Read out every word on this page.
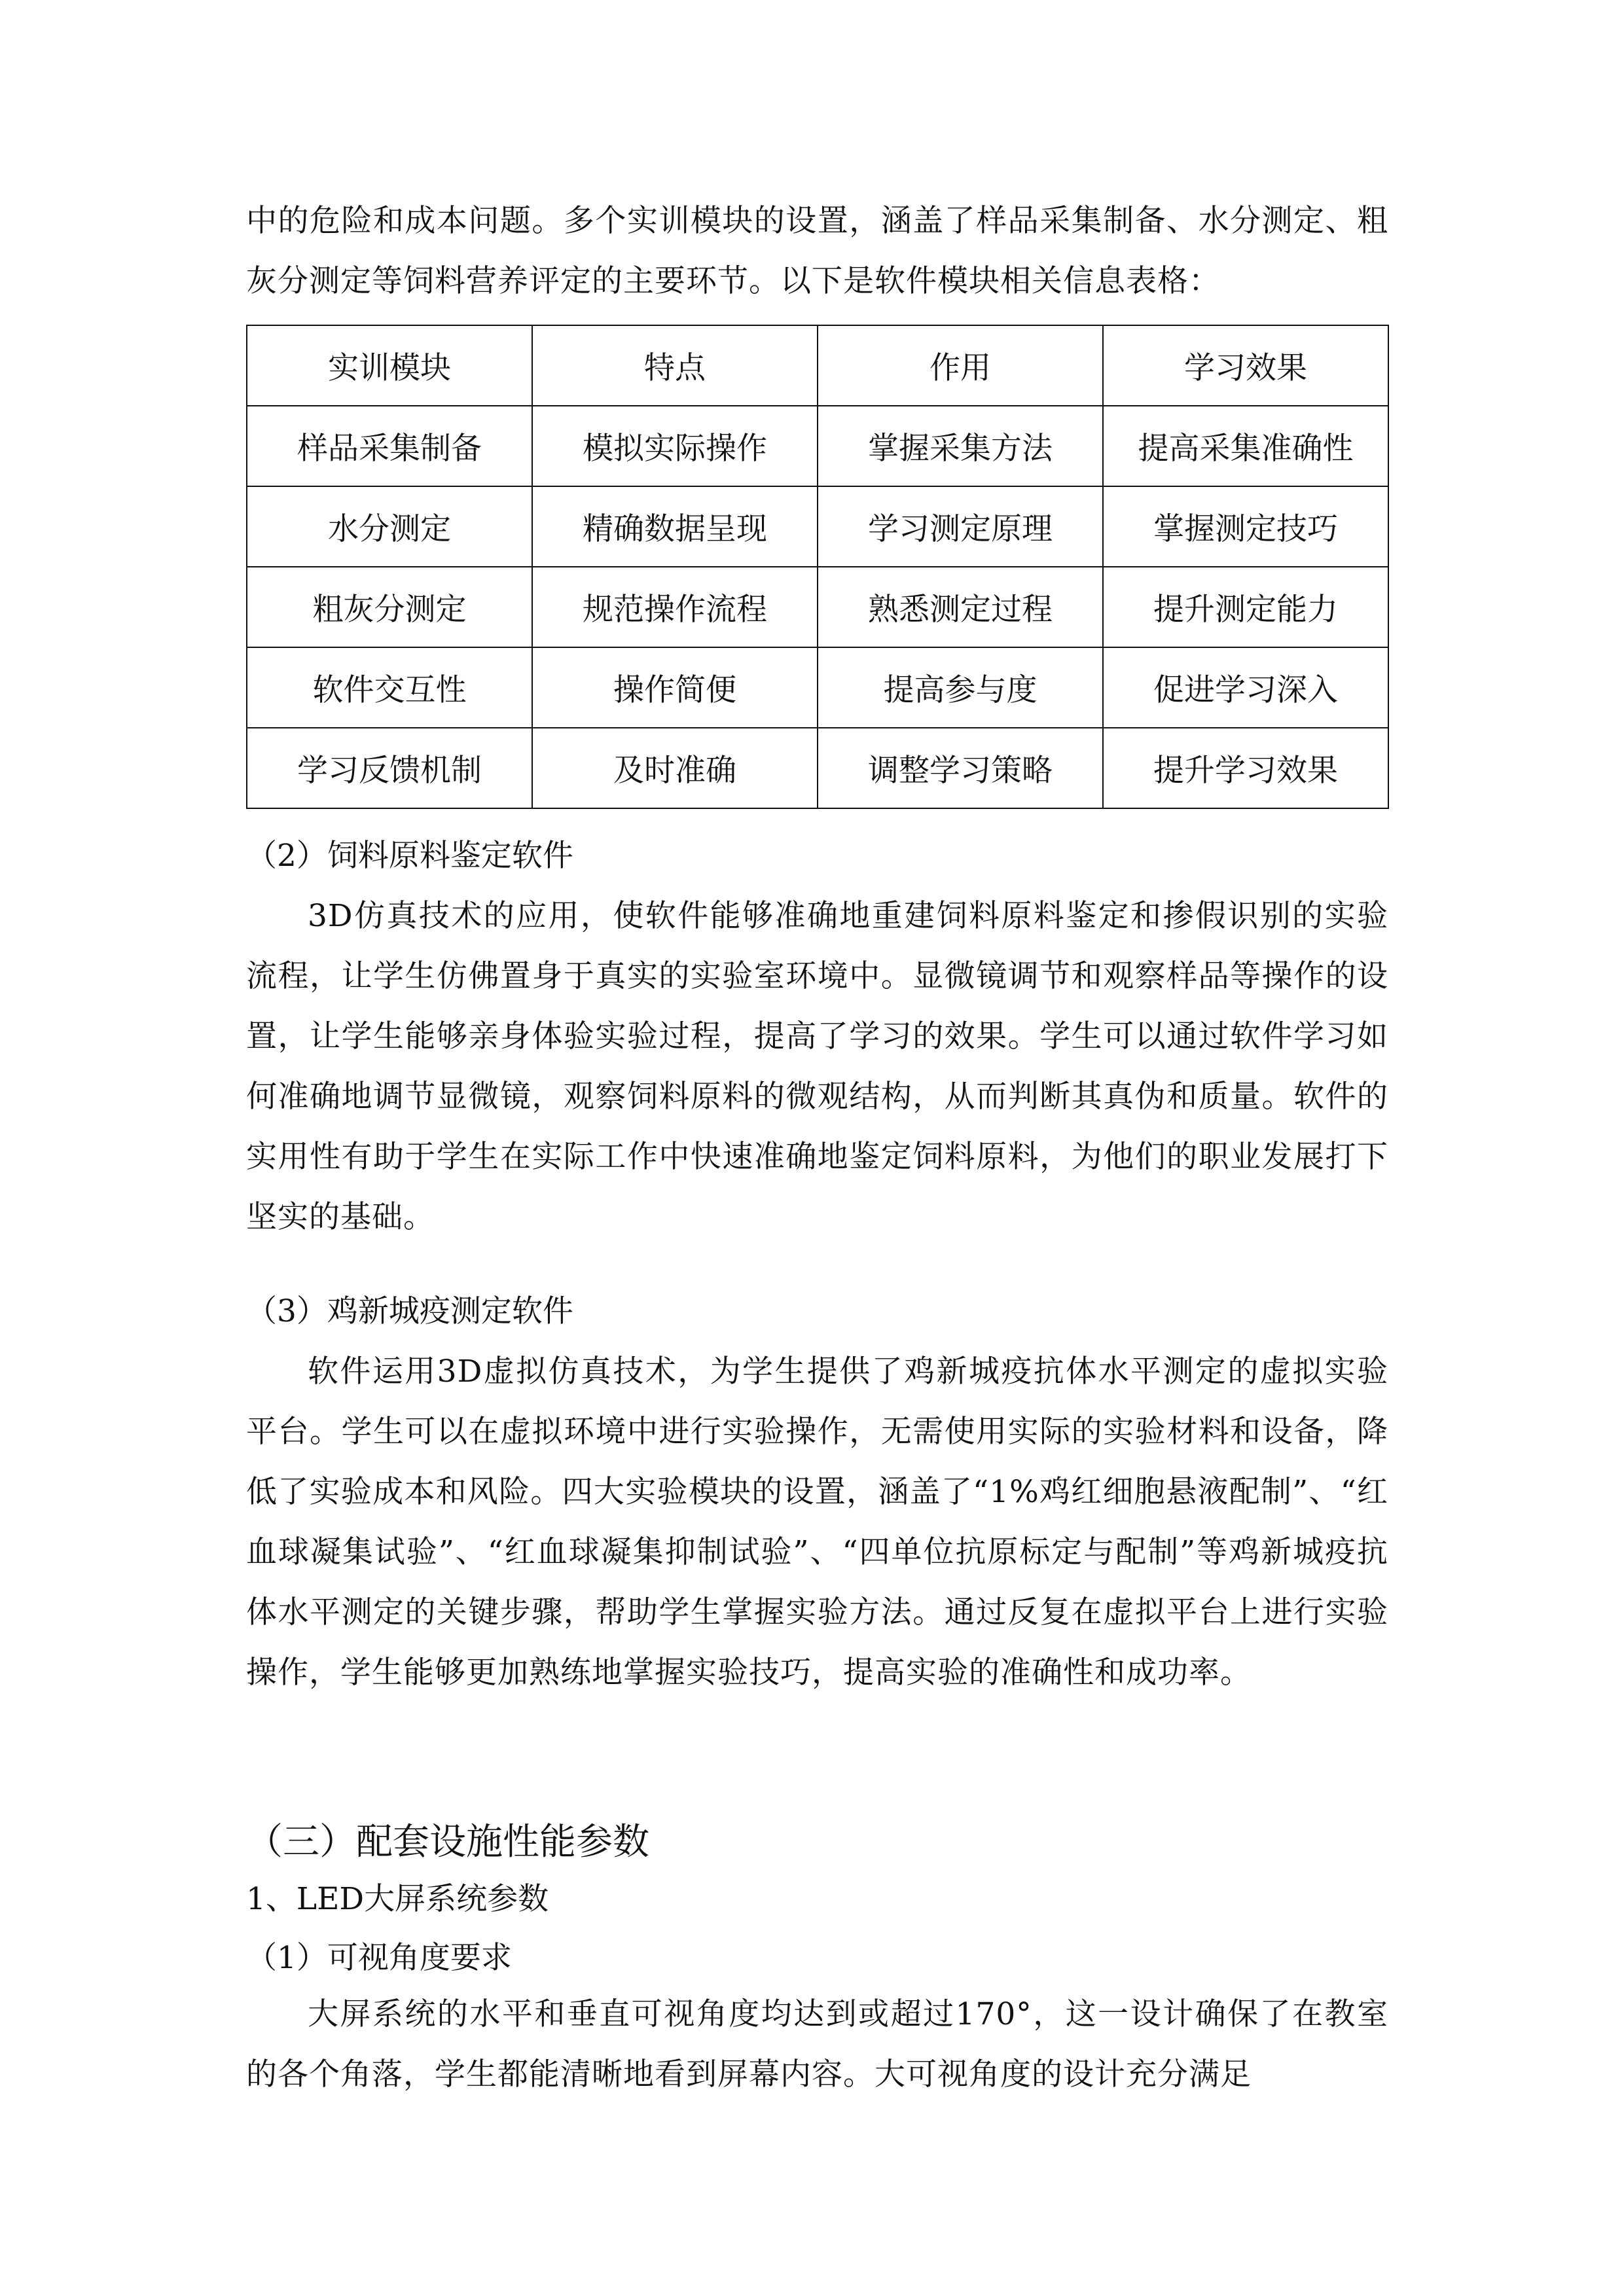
中的危险和成本问题。多个实训模块的设置，涵盖了样品采集制备、水分测定、粗灰分测定等饲料营养评定的主要环节。以下是软件模块相关信息表格：

实训模块	特点	作用	学习效果
样品采集制备	模拟实际操作	掌握采集方法	提高采集准确性
水分测定	精确数据呈现	学习测定原理	掌握测定技巧
粗灰分测定	规范操作流程	熟悉测定过程	提升测定能力
软件交互性	操作简便	提高参与度	促进学习深入
学习反馈机制	及时准确	调整学习策略	提升学习效果

（2）饲料原料鉴定软件

3D仿真技术的应用，使软件能够准确地重建饲料原料鉴定和掺假识别的实验流程，让学生仿佛置身于真实的实验室环境中。显微镜调节和观察样品等操作的设置，让学生能够亲身体验实验过程，提高了学习的效果。学生可以通过软件学习如何准确地调节显微镜，观察饲料原料的微观结构，从而判断其真伪和质量。软件的实用性有助于学生在实际工作中快速准确地鉴定饲料原料，为他们的职业发展打下坚实的基础。

（3）鸡新城疫测定软件

软件运用3D虚拟仿真技术，为学生提供了鸡新城疫抗体水平测定的虚拟实验平台。学生可以在虚拟环境中进行实验操作，无需使用实际的实验材料和设备，降低了实验成本和风险。四大实验模块的设置，涵盖了“1%鸡红细胞悬液配制”、“红血球凝集试验”、“红血球凝集抑制试验”、“四单位抗原标定与配制”等鸡新城疫抗体水平测定的关键步骤，帮助学生掌握实验方法。通过反复在虚拟平台上进行实验操作，学生能够更加熟练地掌握实验技巧，提高实验的准确性和成功率。

（三）配套设施性能参数

1、LED大屏系统参数

（1）可视角度要求

大屏系统的水平和垂直可视角度均达到或超过170°，这一设计确保了在教室的各个角落，学生都能清晰地看到屏幕内容。大可视角度的设计充分满足
